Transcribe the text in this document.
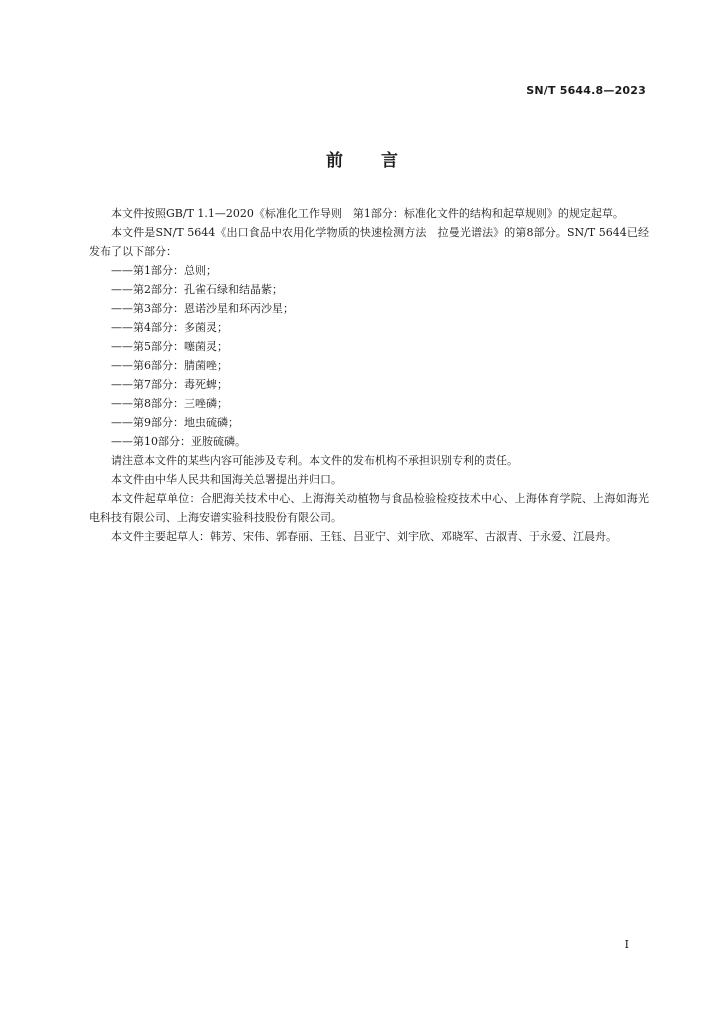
SN/T 5644.8—2023
前言

本文件按照GB/T 1.1—2020《标准化工作导则　第1部分：标准化文件的结构和起草规则》的规定起草。

本文件是SN/T 5644《出口食品中农用化学物质的快速检测方法　拉曼光谱法》的第8部分。SN/T 5644已经发布了以下部分：

——第1部分：总则；

——第2部分：孔雀石绿和结晶紫；

——第3部分：恩诺沙星和环丙沙星；

——第4部分：多菌灵；

——第5部分：噻菌灵；

——第6部分：腈菌唑；

——第7部分：毒死蜱；

——第8部分：三唑磷；

——第9部分：地虫硫磷；

——第10部分：亚胺硫磷。

请注意本文件的某些内容可能涉及专利。本文件的发布机构不承担识别专利的责任。

本文件由中华人民共和国海关总署提出并归口。

本文件起草单位：合肥海关技术中心、上海海关动植物与食品检验检疫技术中心、上海体育学院、上海如海光电科技有限公司、上海安谱实验科技股份有限公司。

本文件主要起草人：韩芳、宋伟、郭春丽、王钰、吕亚宁、刘宇欣、邓晓军、古淑青、于永爱、江晨舟。

I
